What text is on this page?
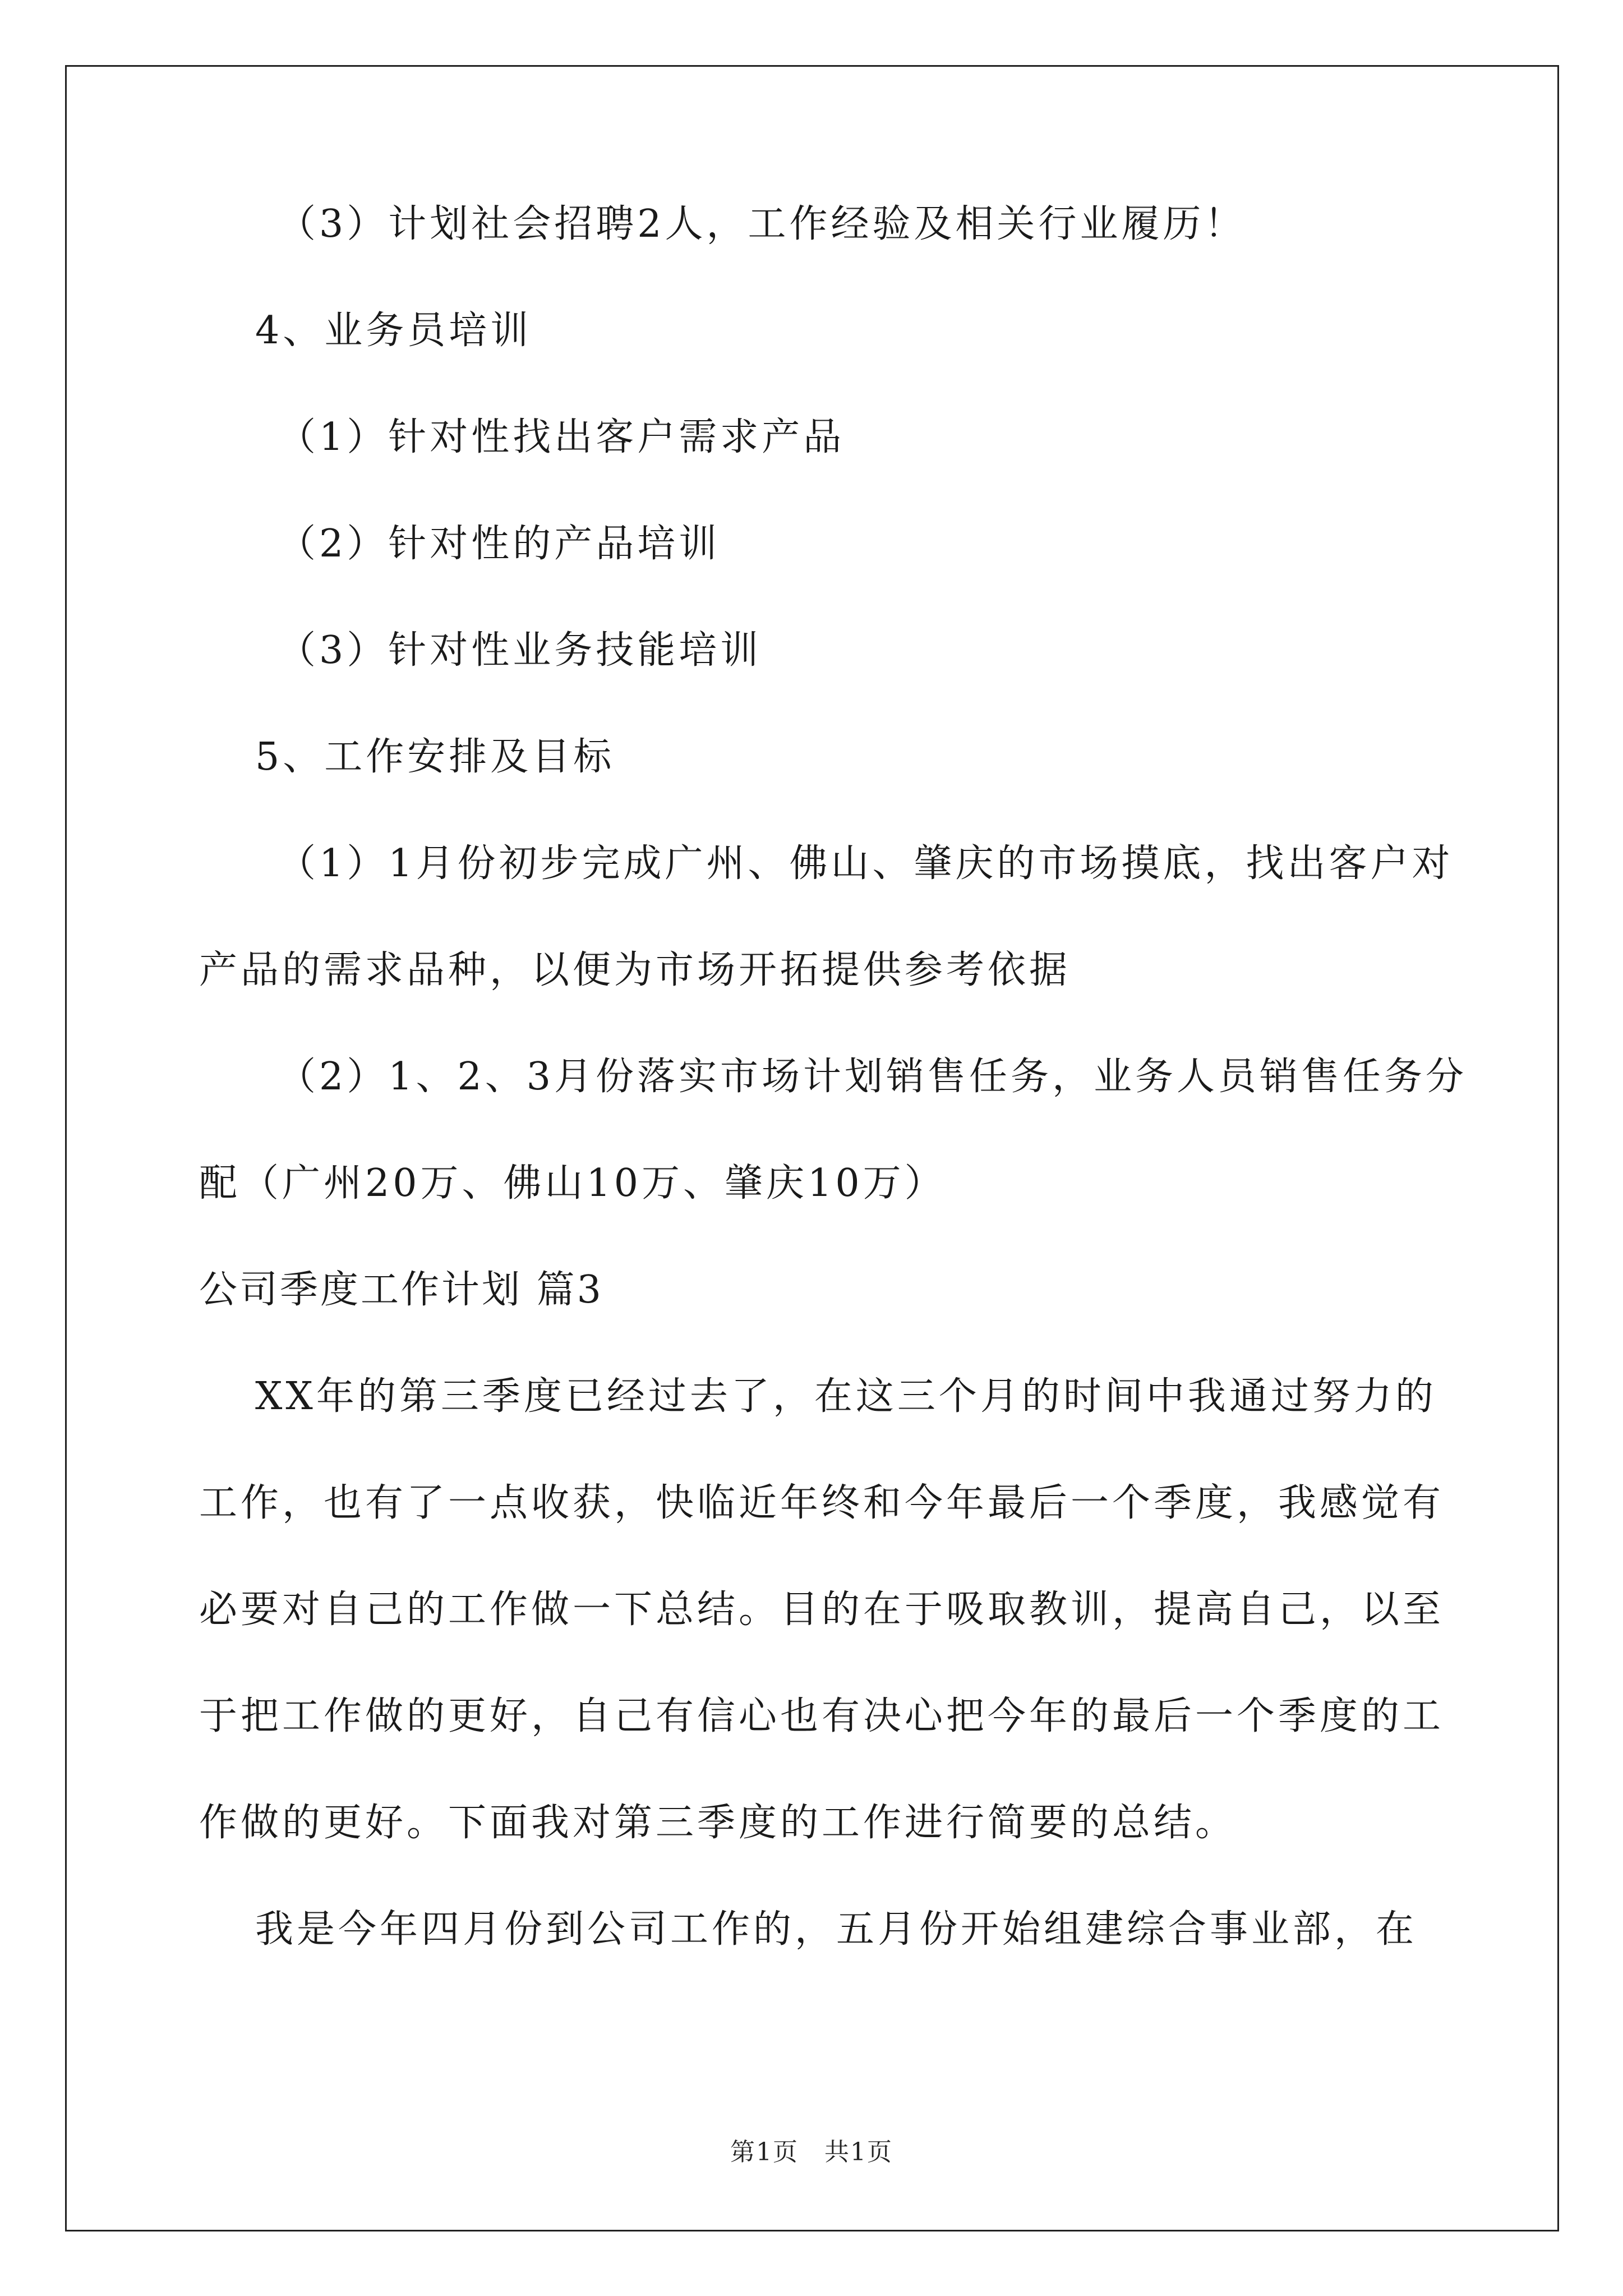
（3）计划社会招聘2人，工作经验及相关行业履历！
4、业务员培训
（1）针对性找出客户需求产品
（2）针对性的产品培训
（3）针对性业务技能培训
5、工作安排及目标
（1）1月份初步完成广州、佛山、肇庆的市场摸底，找出客户对
产品的需求品种，以便为市场开拓提供参考依据
（2）1、2、3月份落实市场计划销售任务，业务人员销售任务分
配（广州20万、佛山10万、肇庆10万）
公司季度工作计划 篇3
XX年的第三季度已经过去了，在这三个月的时间中我通过努力的
工作，也有了一点收获，快临近年终和今年最后一个季度，我感觉有
必要对自己的工作做一下总结。目的在于吸取教训，提高自己，以至
于把工作做的更好，自己有信心也有决心把今年的最后一个季度的工
作做的更好。下面我对第三季度的工作进行简要的总结。
我是今年四月份到公司工作的，五月份开始组建综合事业部，在
第1页　共1页
